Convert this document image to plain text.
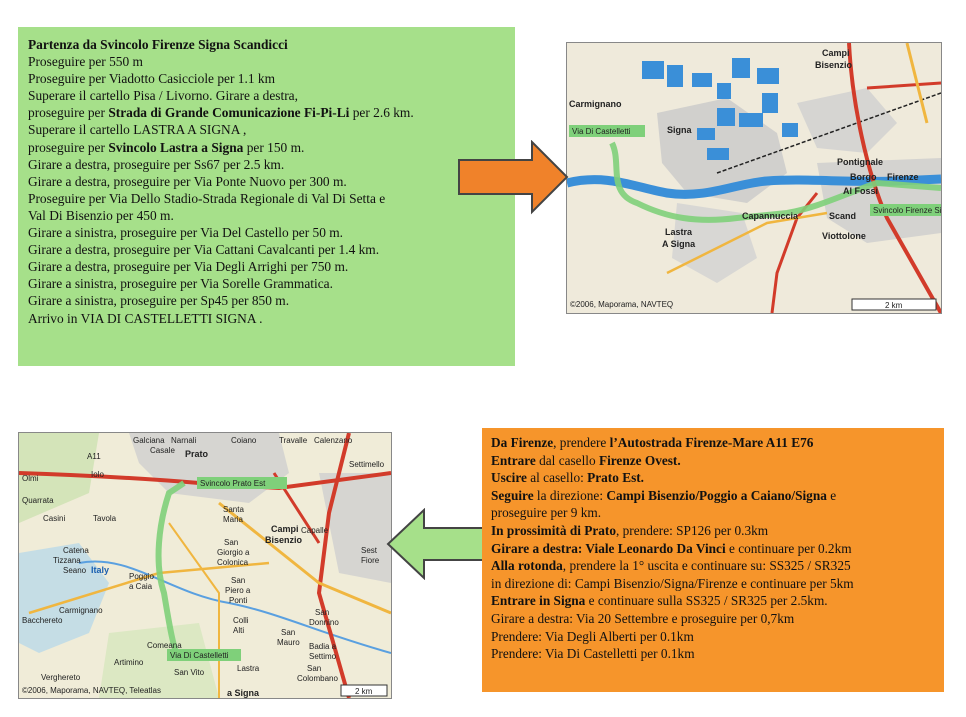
Partenza da Svincolo Firenze Signa Scandicci
Proseguire per 550 m
Proseguire per Viadotto Casicciole per 1.1 km
Superare il cartello Pisa / Livorno. Girare a destra,
proseguire per Strada di Grande Comunicazione Fi-Pi-Li per 2.6 km.
Superare il cartello LASTRA A SIGNA ,
proseguire per Svincolo Lastra a Signa per 150 m.
Girare a destra, proseguire per Ss67 per 2.5 km.
Girare a destra, proseguire per Via Ponte Nuovo per 300 m.
Proseguire per Via Dello Stadio-Strada Regionale di Val Di Setta e
Val Di Bisenzio per 450 m.
Girare a sinistra, proseguire per Via Del Castello per 50 m.
Girare a destra, proseguire per Via Cattani Cavalcanti per 1.4 km.
Girare a destra, proseguire per Via Degli Arrighi per 750 m.
Girare a sinistra, proseguire per Via Sorelle Grammatica.
Girare a sinistra, proseguire per Sp45 per 850 m.
Arrivo in VIA DI CASTELLETTI SIGNA .
Via Di Castelletti
Svincolo Firenze Si
Campi
Bisenzio
Carmignano
Signa
Pontignale
Borgo Firenze
Al Fossi
Capannuccia	Scand
Lastra
A Signa
Viottolone
©2006, Maporama, NAVTEQ	2 km
Svincolo Prato Est
Via Di Castelletti
Galciana Narnali
Casale Prato
Coiano	Travalle Calenzano
Settimello
A11
Iolo
Olmi
Quarrata
Tavola
Santa
Maria
Casini
Campi
Bisenzio
Capalle
Catena
Tizzana
Seano Italy
Poggio
a Caia
San
Giorgio a
Colonica
Sest
Fiore
Carmignano
San
Piero a
Ponti
Bacchereto	Colli
Alti
San
Donnino
Comeana
San
Mauro Badia a
Settimo
Artimino
Verghereto
San Vito	Lastra
a Signa
San
Colombano
©2006, Maporama, NAVTEQ, Teleatlas	2 km
Da Firenze, prendere l’Autostrada Firenze-Mare A11 E76
Entrare dal casello Firenze Ovest.
Uscire al casello: Prato Est.
Seguire la direzione: Campi Bisenzio/Poggio a Caiano/Signa e
proseguire per 9 km.
In prossimità di Prato, prendere: SP126 per 0.3km
Girare a destra: Viale Leonardo Da Vinci e continuare per 0.2km
Alla rotonda, prendere la 1° uscita e continuare su: SS325 / SR325
in direzione di: Campi Bisenzio/Signa/Firenze e continuare per 5km
Entrare in Signa e continuare sulla SS325 / SR325 per 2.5km.
Girare a destra: Via 20 Settembre e proseguire per 0,7km
Prendere: Via Degli Alberti per 0.1km
Prendere: Via Di Castelletti per 0.1km
